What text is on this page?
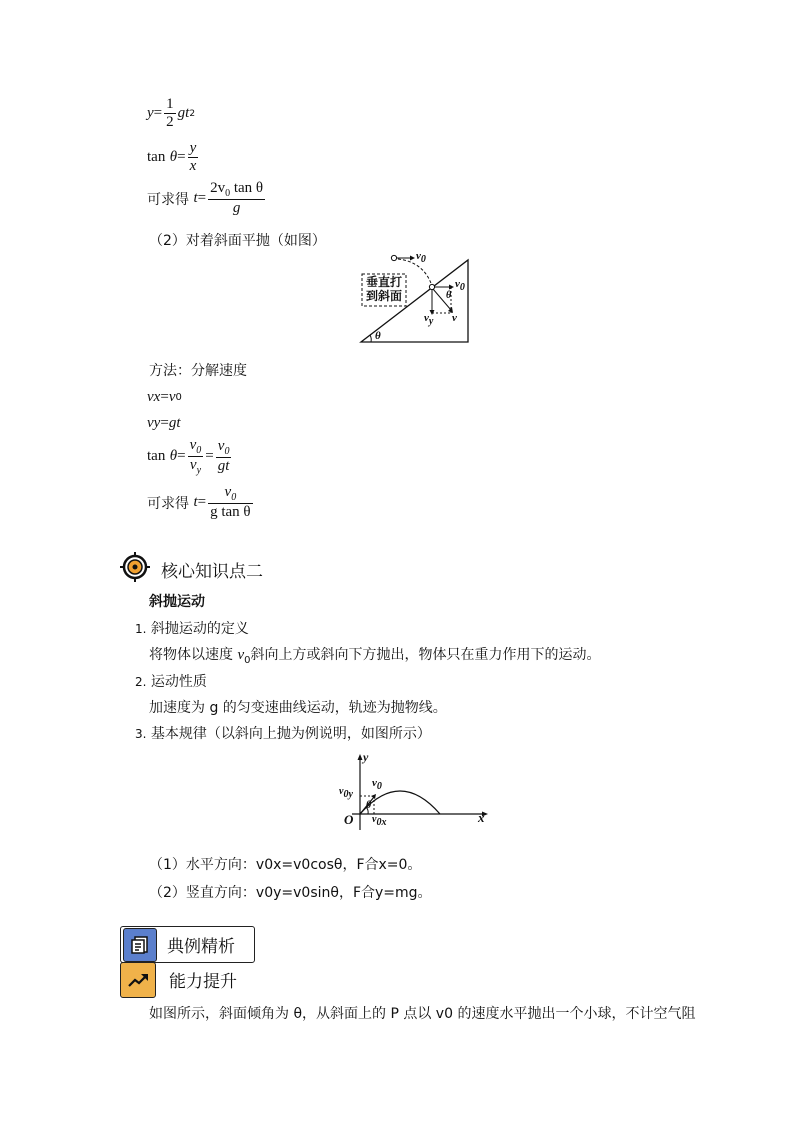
$y = \frac{1}{2}$ gt 2
tan
$\theta = \frac{y}{x}$
可求得
$t = \frac{2v_0 \tan \theta}{g}$
（2）对着斜面平抛（如图）
$v_0$
垂直打
到斜面
$v_0$
θ
$v_y$ v
θ
方法：分解速度
v x = v 0
v y = gt
tan
$\theta = \frac{v_0}{v_y} = \frac{v_0}{gt}$
可求得
$t = \frac{v_0}{\text{g tan θ}}$
核心知识点二
斜抛运动
1. 斜抛运动的定义
将物体以速度 $v_0$斜向上方或斜向下方抛出，物体只在重力作用下的运动。
2. 运动性质
加速度为 g 的匀变速曲线运动，轨迹为抛物线。
3. 基本规律（以斜向上抛为例说明，如图所示）
y
x
O
$v_0$
$v_{0y}$
$v_{0x}$
θ
（1）水平方向：v0x=v0cosθ，F合x=0。
（2）竖直方向：v0y=v0sinθ，F合y=mg。
典例精析
能力提升
如图所示，斜面倾角为 θ，从斜面上的 P 点以 v0 的速度水平抛出一个小球，不计空气阻
